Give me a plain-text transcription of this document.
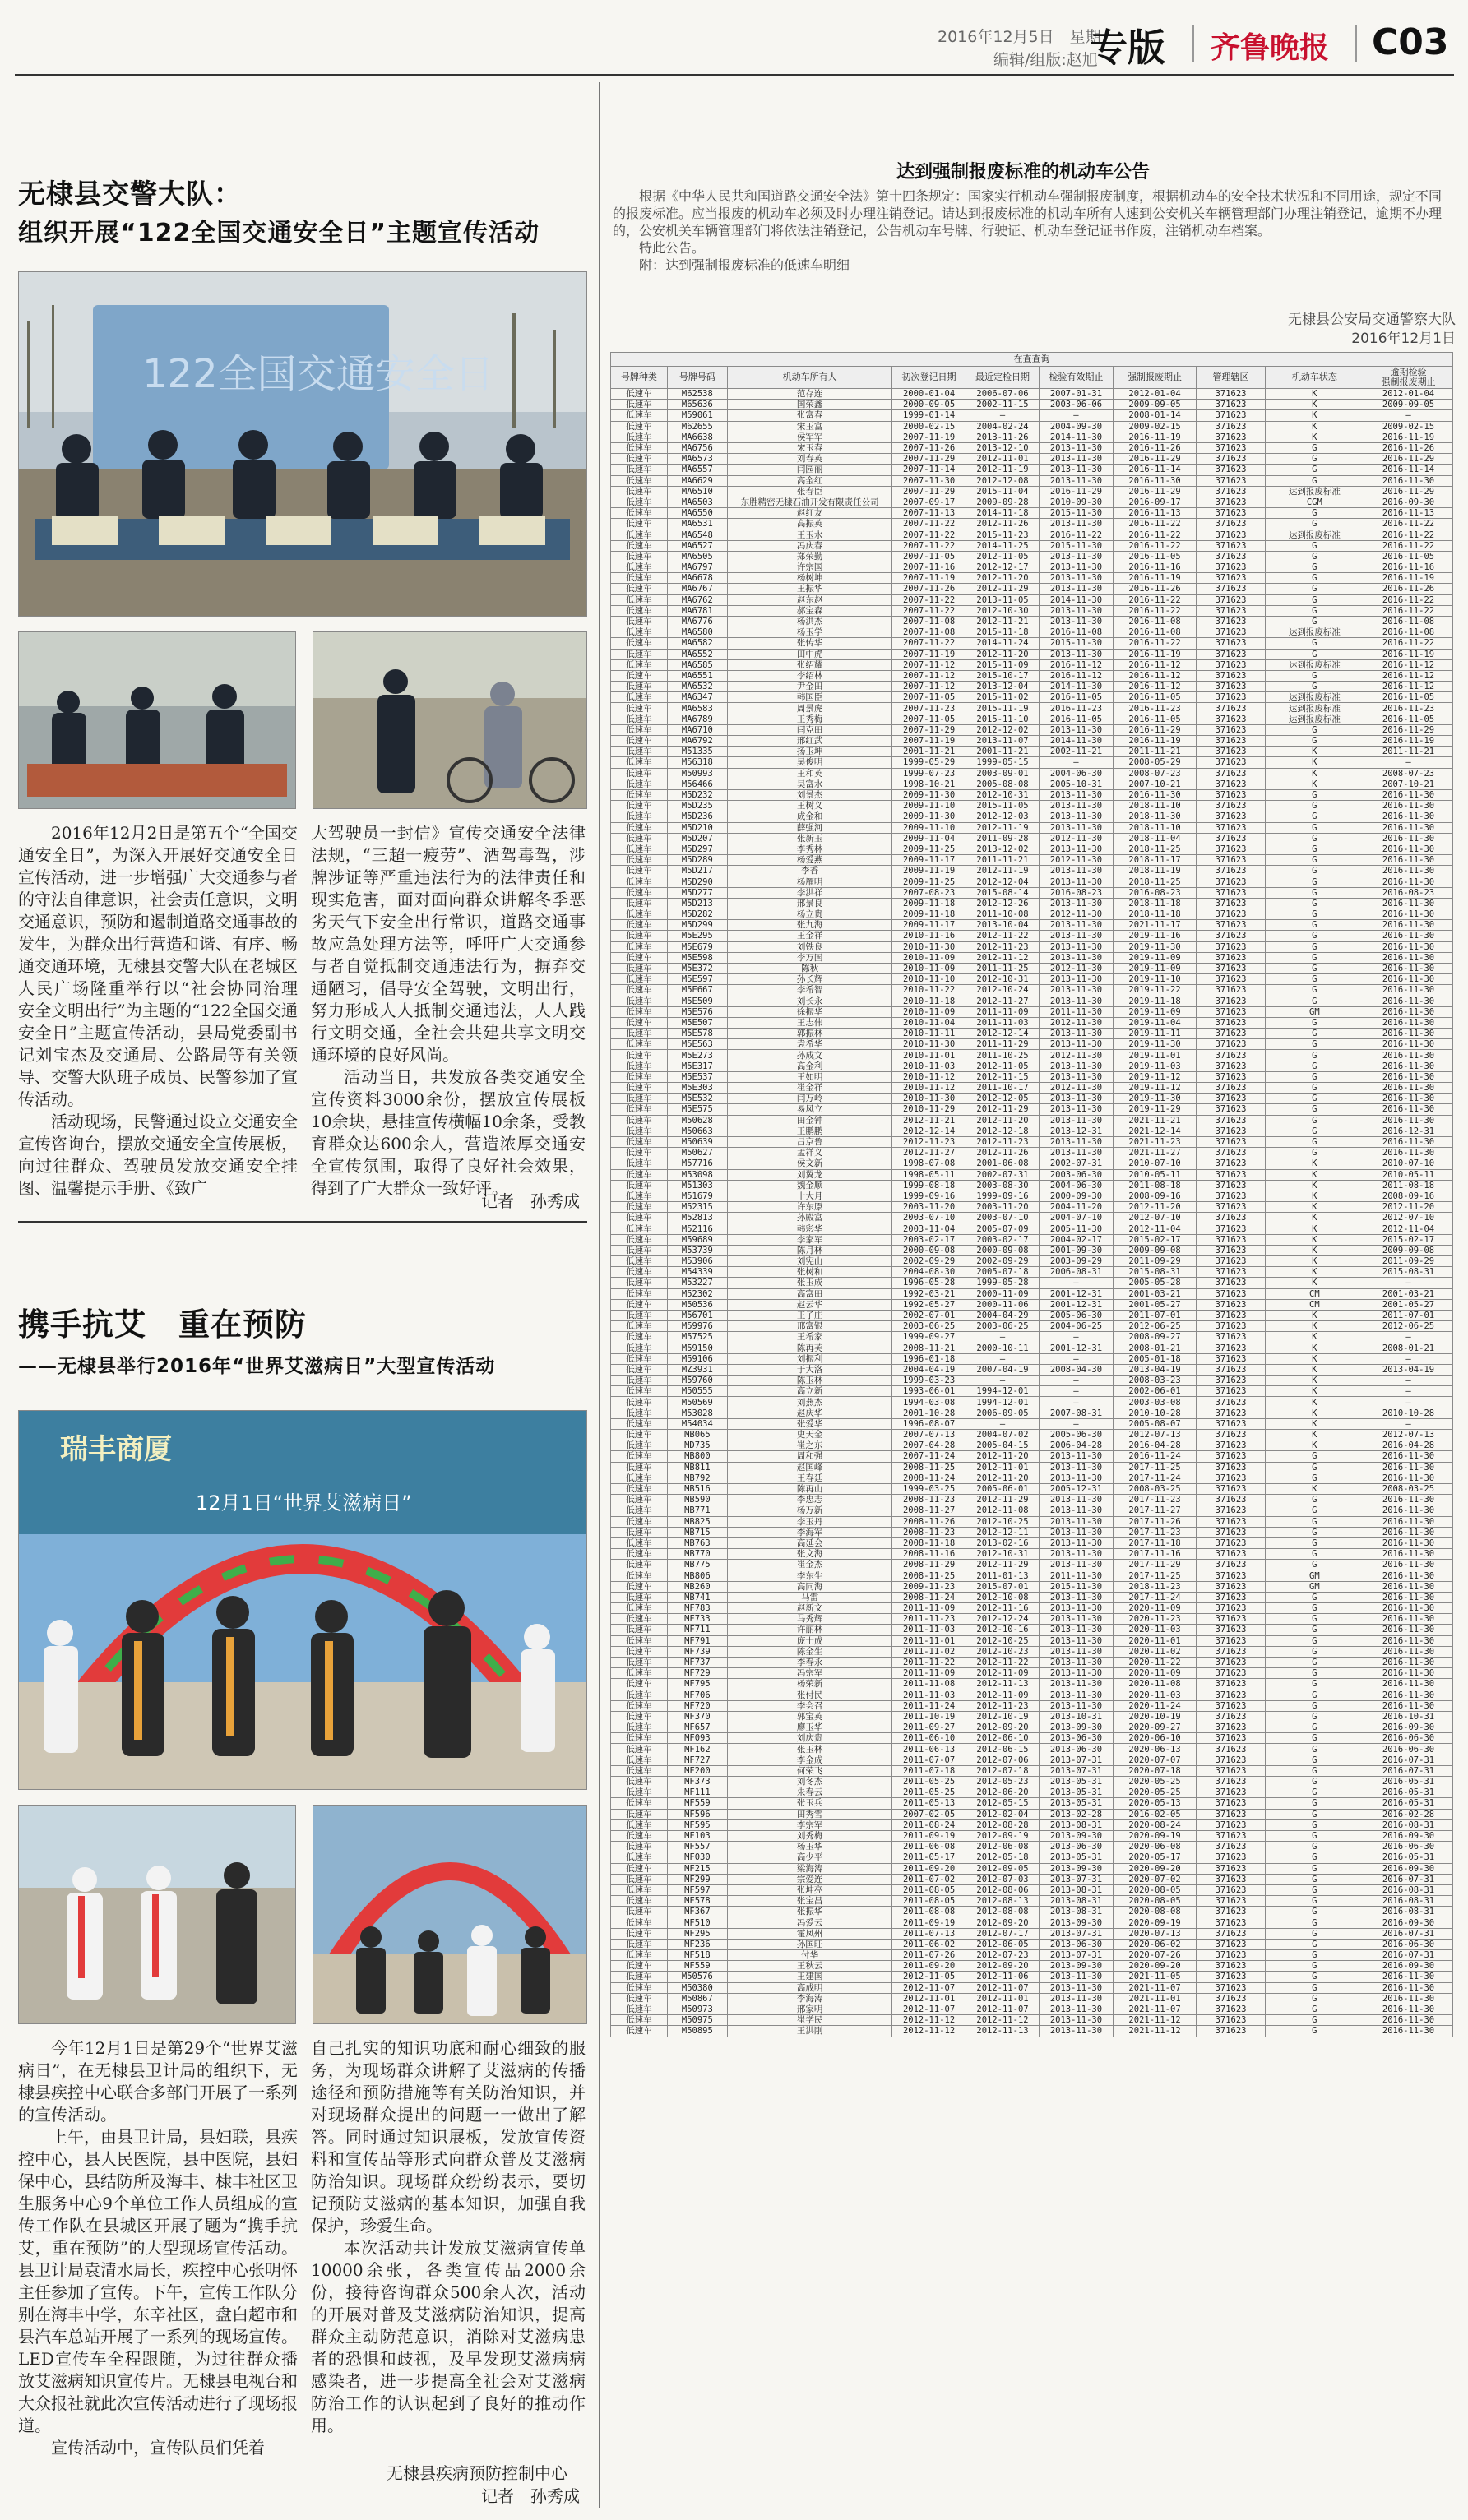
2016年12月5日　星期一
编辑/组版:赵旭
专版 齐鲁晚报 C03
无棣县交警大队：
组织开展“122全国交通安全日”主题宣传活动
122全国交通安全日

2016年12月2日是第五个“全国交通安全日”，为深入开展好交通安全日宣传活动，进一步增强广大交通参与者的守法自律意识，社会责任意识，文明交通意识，预防和遏制道路交通事故的发生，为群众出行营造和谐、有序、畅通交通环境，无棣县交警大队在老城区人民广场隆重举行以“社会协同治理　安全文明出行”为主题的“122全国交通安全日”主题宣传活动，县局党委副书记刘宝杰及交通局、公路局等有关领导、交警大队班子成员、民警参加了宣传活动。

活动现场，民警通过设立交通安全宣传咨询台，摆放交通安全宣传展板，向过往群众、驾驶员发放交通安全挂图、温馨提示手册、《致广

大驾驶员一封信》宣传交通安全法律法规，“三超一疲劳”、酒驾毒驾，涉牌涉证等严重违法行为的法律责任和现实危害，面对面向群众讲解冬季恶劣天气下安全出行常识，道路交通事故应急处理方法等，呼吁广大交通参与者自觉抵制交通违法行为，摒弃交通陋习，倡导安全驾驶，文明出行，努力形成人人抵制交通违法，人人践行文明交通，全社会共建共享文明交通环境的良好风尚。

活动当日，共发放各类交通安全宣传资料3000余份，摆放宣传展板10余块，悬挂宣传横幅10余条，受教育群众达600余人，营造浓厚交通安全宣传氛围，取得了良好社会效果，得到了广大群众一致好评。

记者　孙秀成
携手抗艾　重在预防
——无棣县举行2016年“世界艾滋病日”大型宣传活动
瑞丰商厦
12月1日“世界艾滋病日”

今年12月1日是第29个“世界艾滋病日”，在无棣县卫计局的组织下，无棣县疾控中心联合多部门开展了一系列的宣传活动。

上午，由县卫计局，县妇联，县疾控中心，县人民医院，县中医院，县妇保中心，县结防所及海丰、棣丰社区卫生服务中心9个单位工作人员组成的宣传工作队在县城区开展了题为“携手抗艾，重在预防”的大型现场宣传活动。县卫计局袁清水局长，疾控中心张明怀主任参加了宣传。下午，宣传工作队分别在海丰中学，东辛社区，盘白超市和县汽车总站开展了一系列的现场宣传。LED宣传车全程跟随，为过往群众播放艾滋病知识宣传片。无棣县电视台和大众报社就此次宣传活动进行了现场报道。

宣传活动中，宣传队员们凭着

自己扎实的知识功底和耐心细致的服务，为现场群众讲解了艾滋病的传播途径和预防措施等有关防治知识，并对现场群众提出的问题一一做出了解答。同时通过知识展板，发放宣传资料和宣传品等形式向群众普及艾滋病防治知识。现场群众纷纷表示，要切记预防艾滋病的基本知识，加强自我保护，珍爱生命。

本次活动共计发放艾滋病宣传单10000余张，各类宣传品2000余份，接待咨询群众500余人次，活动的开展对普及艾滋病防治知识，提高群众主动防范意识，消除对艾滋病患者的恐惧和歧视，及早发现艾滋病病感染者，进一步提高全社会对艾滋病防治工作的认识起到了良好的推动作用。

无棣县疾病预防控制中心
记者　孙秀成
达到强制报废标准的机动车公告

根据《中华人民共和国道路交通安全法》第十四条规定：国家实行机动车强制报废制度，根据机动车的安全技术状况和不同用途，规定不同的报废标准。应当报废的机动车必须及时办理注销登记。请达到报废标准的机动车所有人速到公安机关车辆管理部门办理注销登记，逾期不办理的，公安机关车辆管理部门将依法注销登记，公告机动车号牌、行驶证、机动车登记证书作废，注销机动车档案。

特此公告。

附：达到强制报废标准的低速车明细

无棣县公安局交通警察大队
2016年12月1日
在查查询									
号牌种类	号牌号码	机动车所有人	初次登记日期	最近定检日期	检验有效期止	强制报废期止	管理辖区	机动车状态	逾期检验
强制报废期止
低速车	M62538	范存连	2000-01-04	2006-07-06	2007-01-31	2012-01-04	371623	K	2012-01-04
低速车	M65636	国荣鑫	2000-09-05	2002-11-15	2003-06-06	2009-09-05	371623	K	2009-09-05
低速车	M59061	张富春	1999-01-14	—	—	2008-01-14	371623	K	—
低速车	M62655	宋玉富	2000-02-15	2004-02-24	2004-09-30	2009-02-15	371623	K	2009-02-15
低速车	MA6638	侯军军	2007-11-19	2013-11-26	2014-11-30	2016-11-19	371623	K	2016-11-19
低速车	MA6756	宋玉春	2007-11-26	2013-12-10	2013-11-30	2016-11-26	371623	G	2016-11-26
低速车	MA6573	刘春英	2007-11-29	2012-11-01	2013-11-30	2016-11-29	371623	G	2016-11-29
低速车	MA6557	闫园丽	2007-11-14	2012-11-19	2013-11-30	2016-11-14	371623	G	2016-11-14
低速车	MA6629	高金红	2007-11-30	2012-12-08	2013-11-30	2016-11-30	371623	G	2016-11-30
低速车	MA6510	张春臣	2007-11-29	2015-11-04	2016-11-29	2016-11-29	371623	达到报废标准	2016-11-29
低速车	MA6503	东胜精密无棣石油开发有限责任公司	2007-09-17	2009-09-28	2010-09-30	2016-09-17	371623	CGM	2016-09-30
低速车	MA6550	赵红友	2007-11-13	2014-11-18	2015-11-30	2016-11-13	371623	G	2016-11-13
低速车	MA6531	高振英	2007-11-22	2012-11-26	2013-11-30	2016-11-22	371623	G	2016-11-22
低速车	MA6548	王玉水	2007-11-22	2015-11-23	2016-11-22	2016-11-22	371623	达到报废标准	2016-11-22
低速车	MA6527	冯庆春	2007-11-22	2014-11-25	2015-11-30	2016-11-22	371623	G	2016-11-22
低速车	MA6505	郑荣勤	2007-11-05	2012-11-05	2013-11-30	2016-11-05	371623	G	2016-11-05
低速车	MA6797	许宗国	2007-11-16	2012-12-17	2013-11-30	2016-11-16	371623	G	2016-11-16
低速车	MA6678	杨树坤	2007-11-19	2012-11-20	2013-11-30	2016-11-19	371623	G	2016-11-19
低速车	MA6767	王振华	2007-11-26	2012-11-29	2013-11-30	2016-11-26	371623	G	2016-11-26
低速车	MA6762	赵东赵	2007-11-22	2013-11-05	2014-11-30	2016-11-22	371623	G	2016-11-22
低速车	MA6781	郝宝森	2007-11-22	2012-10-30	2013-11-30	2016-11-22	371623	G	2016-11-22
低速车	MA6776	杨洪杰	2007-11-08	2012-11-21	2013-11-30	2016-11-08	371623	G	2016-11-08
低速车	MA6580	杨玉学	2007-11-08	2015-11-18	2016-11-08	2016-11-08	371623	达到报废标准	2016-11-08
低速车	MA6582	张传华	2007-11-22	2014-11-24	2015-11-30	2016-11-22	371623	G	2016-11-22
低速车	MA6552	田中虎	2007-11-19	2012-11-20	2013-11-30	2016-11-19	371623	G	2016-11-19
低速车	MA6585	张绍耀	2007-11-12	2015-11-09	2016-11-12	2016-11-12	371623	达到报废标准	2016-11-12
低速车	MA6551	李绍林	2007-11-12	2015-10-17	2016-11-12	2016-11-12	371623	G	2016-11-12
低速车	MA6532	尹金田	2007-11-12	2013-12-04	2014-11-30	2016-11-12	371623	G	2016-11-12
低速车	MA6347	韩国臣	2007-11-05	2015-11-02	2016-11-05	2016-11-05	371623	达到报废标准	2016-11-05
低速车	MA6583	周景虎	2007-11-23	2015-11-19	2016-11-23	2016-11-23	371623	达到报废标准	2016-11-23
低速车	MA6789	王秀梅	2007-11-05	2015-11-10	2016-11-05	2016-11-05	371623	达到报废标准	2016-11-05
低速车	MA6710	闫克田	2007-11-29	2012-12-02	2013-11-30	2016-11-29	371623	G	2016-11-29
低速车	MA6792	邢红武	2007-11-19	2013-11-07	2014-11-30	2016-11-19	371623	G	2016-11-19
低速车	M51335	扬玉坤	2001-11-21	2001-11-21	2002-11-21	2011-11-21	371623	K	2011-11-21
低速车	M56318	吴俊明	1999-05-29	1999-05-15	—	2008-05-29	371623	K	—
低速车	M50993	王和英	1999-07-23	2003-09-01	2004-06-30	2008-07-23	371623	K	2008-07-23
低速车	M56466	吴富水	1998-10-21	2005-08-08	2005-10-31	2007-10-21	371623	K	2007-10-21
低速车	M5D232	刘景杰	2009-11-30	2012-10-31	2013-11-30	2016-11-30	371623	G	2016-11-30
低速车	M5D235	王树义	2009-11-10	2015-11-05	2013-11-30	2018-11-10	371623	G	2016-11-30
低速车	M5D236	成金和	2009-11-30	2012-12-03	2013-11-30	2018-11-30	371623	G	2016-11-30
低速车	M5D210	薛强河	2009-11-10	2012-11-19	2013-11-30	2018-11-10	371623	G	2016-11-30
低速车	M5D207	张新玉	2009-11-04	2011-09-28	2012-11-30	2018-11-04	371623	G	2016-11-30
低速车	M5D297	李秀林	2009-11-25	2013-12-02	2013-11-30	2018-11-25	371623	G	2016-11-30
低速车	M5D289	杨爱燕	2009-11-17	2011-11-21	2012-11-30	2018-11-17	371623	G	2016-11-30
低速车	M5D217	李香	2009-11-19	2012-11-19	2013-11-30	2018-11-19	371623	G	2016-11-30
低速车	M5D290	杨雁明	2009-11-25	2012-12-04	2013-11-30	2018-11-25	371623	G	2016-11-30
低速车	M5D277	李洪祥	2007-08-23	2015-08-14	2016-08-23	2016-08-23	371623	G	2016-08-23
低速车	M5D213	邢景良	2009-11-18	2012-12-26	2013-11-30	2018-11-18	371623	G	2016-11-30
低速车	M5D282	杨立贵	2009-11-18	2011-10-08	2012-11-30	2018-11-18	371623	G	2016-11-30
低速车	M5D299	张九海	2009-11-17	2013-10-04	2013-11-30	2021-11-17	371623	G	2016-11-30
低速车	M5E295	王金祥	2010-11-16	2012-11-22	2013-11-30	2019-11-16	371623	G	2016-11-30
低速车	M5E679	刘铁良	2010-11-30	2012-11-23	2013-11-30	2019-11-30	371623	G	2016-11-30
低速车	M5E598	李万国	2010-11-09	2012-11-12	2013-11-30	2019-11-09	371623	G	2016-11-30
低速车	M5E372	陈秋	2010-11-09	2011-11-25	2012-11-30	2019-11-09	371623	G	2016-11-30
低速车	M5E597	孙长辉	2010-11-10	2012-10-31	2013-11-30	2019-11-10	371623	G	2016-11-30
低速车	M5E667	李希智	2010-11-22	2012-10-24	2013-11-30	2019-11-22	371623	G	2016-11-30
低速车	M5E509	刘长永	2010-11-18	2012-11-27	2013-11-30	2019-11-18	371623	G	2016-11-30
低速车	M5E576	徐振华	2010-11-09	2011-11-09	2011-11-30	2019-11-09	371623	GM	2016-11-30
低速车	M5E507	王志伟	2010-11-04	2011-11-03	2012-11-30	2019-11-04	371623	G	2016-11-30
低速车	M5E578	郭振林	2010-11-11	2012-12-14	2013-11-30	2019-11-11	371623	G	2016-11-30
低速车	M5E563	袁希华	2010-11-30	2011-11-29	2013-11-30	2019-11-30	371623	G	2016-11-30
低速车	M5E273	孙成文	2010-11-01	2011-10-25	2012-11-30	2019-11-01	371623	G	2016-11-30
低速车	M5E317	高金利	2010-11-03	2012-11-05	2013-11-30	2019-11-03	371623	G	2016-11-30
低速车	M5E537	王如明	2010-11-12	2012-11-15	2013-11-30	2019-11-12	371623	G	2016-11-30
低速车	M5E303	崔金祥	2010-11-12	2011-10-17	2012-11-30	2019-11-12	371623	G	2016-11-30
低速车	M5E532	闫万岭	2010-11-30	2012-12-05	2013-11-30	2019-11-30	371623	G	2016-11-30
低速车	M5E575	易凤立	2010-11-29	2012-11-29	2013-11-30	2019-11-29	371623	G	2016-11-30
低速车	M50628	田金钟	2012-11-21	2012-11-20	2013-11-30	2021-11-21	371623	G	2016-11-30
低速车	M50663	王鹏鹏	2012-12-14	2012-12-18	2013-12-31	2021-12-14	371623	G	2016-12-31
低速车	M50639	吕京鲁	2012-11-23	2012-11-23	2013-11-30	2021-11-23	371623	G	2016-11-30
低速车	M50627	孟祥义	2012-11-27	2012-11-26	2013-11-30	2021-11-27	371623	G	2016-11-30
低速车	M57716	侯文新	1998-07-08	2001-06-08	2002-07-31	2010-07-10	371623	K	2010-07-10
低速车	M53098	刘翼龙	1998-05-11	2002-07-31	2003-06-30	2010-05-11	371623	K	2010-05-11
低速车	M51303	魏金顺	1999-08-18	2003-08-30	2004-06-30	2011-08-18	371623	K	2011-08-18
低速车	M51679	十大月	1999-09-16	1999-09-16	2000-09-30	2008-09-16	371623	K	2008-09-16
低速车	M52315	许东原	2003-11-20	2003-11-20	2004-11-20	2012-11-20	371623	K	2012-11-20
低速车	M52813	孙殿富	2003-07-10	2003-07-10	2004-07-10	2012-07-10	371623	K	2012-07-10
低速车	M52116	韩彩华	2003-11-04	2005-07-09	2005-11-30	2012-11-04	371623	K	2012-11-04
低速车	M59689	李家军	2003-02-17	2003-02-17	2004-02-17	2015-02-17	371623	K	2015-02-17
低速车	M53739	陈月林	2000-09-08	2000-09-08	2001-09-30	2009-09-08	371623	K	2009-09-08
低速车	M53906	刘宪山	2002-09-29	2002-09-29	2003-09-29	2011-09-29	371623	K	2011-09-29
低速车	M54339	张树和	2004-08-30	2005-07-18	2006-08-31	2015-08-31	371623	K	2015-08-31
低速车	M53227	张玉成	1996-05-28	1999-05-28	—	2005-05-28	371623	K	—
低速车	M52302	高富田	1992-03-21	2000-11-09	2001-12-31	2001-03-21	371623	CM	2001-03-21
低速车	M50536	赵云华	1992-05-27	2000-11-06	2001-12-31	2001-05-27	371623	CM	2001-05-27
低速车	M56701	王子庄	2002-07-01	2004-04-29	2005-06-30	2011-07-01	371623	K	2011-07-01
低速车	M59976	邢富银	2003-06-25	2003-06-25	2004-06-25	2012-06-25	371623	K	2012-06-25
低速车	M57525	王希家	1999-09-27	—	—	2008-09-27	371623	K	—
低速车	M59150	陈再芙	2008-11-21	2000-10-11	2001-12-31	2008-01-21	371623	K	2008-01-21
低速车	M59106	刘振利	1996-01-18	—	—	2005-01-18	371623	K	—
低速车	MZ3931	于大洛	2004-04-19	2007-04-19	2008-04-30	2013-04-19	371623	K	2013-04-19
低速车	M59760	陈玉林	1999-03-23	—	—	2008-03-23	371623	K	—
低速车	M50555	高立新	1993-06-01	1994-12-01	—	2002-06-01	371623	K	—
低速车	M50569	刘燕杰	1994-03-08	1994-12-01	—	2003-03-08	371623	K	—
低速车	M53028	赵庆华	2001-10-28	2006-09-05	2007-08-31	2010-10-28	371623	K	2010-10-28
低速车	M54034	张爱华	1996-08-07	—	—	2005-08-07	371623	K	—
低速车	MB065	史天金	2007-07-13	2004-07-02	2005-06-30	2012-07-13	371623	K	2012-07-13
低速车	MD735	崔之东	2007-04-28	2005-04-15	2006-04-28	2016-04-28	371623	K	2016-04-28
低速车	MB800	周和强	2007-11-24	2012-11-20	2013-11-30	2016-11-24	371623	G	2016-11-30
低速车	MB811	赵国峰	2008-11-25	2012-11-01	2013-11-30	2017-11-25	371623	G	2016-11-30
低速车	MB792	王春廷	2008-11-24	2012-11-20	2013-11-30	2017-11-24	371623	G	2016-11-30
低速车	MB516	陈再山	1999-03-25	2005-06-01	2005-12-31	2008-03-25	371623	K	2008-03-25
低速车	MB590	李忠志	2008-11-23	2012-11-29	2013-11-30	2017-11-23	371623	G	2016-11-30
低速车	MB771	杨万新	2008-11-27	2012-11-08	2013-11-30	2017-11-27	371623	G	2016-11-30
低速车	MB825	李玉丹	2008-11-26	2012-10-25	2013-11-30	2017-11-26	371623	G	2016-11-30
低速车	MB715	李海军	2008-11-23	2012-12-11	2013-11-30	2017-11-23	371623	G	2016-11-30
低速车	MB763	高延会	2008-11-18	2013-02-16	2013-11-30	2017-11-18	371623	G	2016-11-30
低速车	MB770	张文海	2008-11-16	2012-10-31	2013-11-30	2017-11-16	371623	G	2016-11-30
低速车	MB775	崔金杰	2008-11-29	2012-11-29	2013-11-30	2017-11-29	371623	G	2016-11-30
低速车	MB806	李东生	2008-11-25	2011-01-13	2011-11-30	2017-11-25	371623	GM	2016-11-30
低速车	MB260	高同海	2009-11-23	2015-07-01	2015-11-30	2018-11-23	371623	GM	2016-11-30
低速车	MB741	马雷	2008-11-24	2012-10-08	2013-11-30	2017-11-24	371623	G	2016-11-30
低速车	MF783	赵新文	2011-11-09	2012-11-16	2013-11-30	2020-11-09	371623	G	2016-11-30
低速车	MF733	马秀辉	2011-11-23	2012-12-24	2013-11-30	2020-11-23	371623	G	2016-11-30
低速车	MF711	许丽林	2011-11-03	2012-10-16	2013-11-30	2020-11-03	371623	G	2016-11-30
低速车	MF791	庞士成	2011-11-01	2012-10-25	2013-11-30	2020-11-01	371623	G	2016-11-30
低速车	MF739	陈金生	2011-11-02	2012-10-23	2013-11-30	2020-11-02	371623	G	2016-11-30
低速车	MF737	李春永	2011-11-22	2012-11-22	2013-11-30	2020-11-22	371623	G	2016-11-30
低速车	MF729	冯宗军	2011-11-09	2012-11-09	2013-11-30	2020-11-09	371623	G	2016-11-30
低速车	MF795	杨荣新	2011-11-08	2012-11-13	2013-11-30	2020-11-08	371623	G	2016-11-30
低速车	MF706	张付民	2011-11-03	2012-11-09	2013-11-30	2020-11-03	371623	G	2016-11-30
低速车	MF720	李会召	2011-11-24	2012-11-23	2013-11-30	2020-11-24	371623	G	2016-11-30
低速车	MF370	郭宝英	2011-10-19	2012-10-19	2013-10-31	2020-10-19	371623	G	2016-10-31
低速车	MF657	廖玉华	2011-09-27	2012-09-20	2013-09-30	2020-09-27	371623	G	2016-09-30
低速车	MF093	刘庆贵	2011-06-10	2012-06-10	2013-06-30	2020-06-10	371623	G	2016-06-30
低速车	MF162	张玉林	2011-06-13	2012-06-15	2013-06-30	2020-06-13	371623	G	2016-06-30
低速车	MF727	李金成	2011-07-07	2012-07-06	2013-07-31	2020-07-07	371623	G	2016-07-31
低速车	MF200	何荣飞	2011-07-18	2012-07-18	2013-07-31	2020-07-18	371623	G	2016-07-31
低速车	MF373	刘冬杰	2011-05-25	2012-05-23	2013-05-31	2020-05-25	371623	G	2016-05-31
低速车	MF111	朱春云	2011-05-25	2012-06-20	2013-05-31	2020-05-25	371623	G	2016-05-31
低速车	MF559	张玉兵	2011-05-13	2012-05-15	2013-05-31	2020-05-13	371623	G	2016-05-31
低速车	MF596	田秀雪	2007-02-05	2012-02-04	2013-02-28	2016-02-05	371623	G	2016-02-28
低速车	MF595	李宗军	2011-08-24	2012-08-28	2013-08-31	2020-08-24	371623	G	2016-08-31
低速车	MF103	刘秀梅	2011-09-19	2012-09-19	2013-09-30	2020-09-19	371623	G	2016-09-30
低速车	MF557	杨玉华	2011-06-08	2012-06-08	2013-06-30	2020-06-08	371623	G	2016-06-30
低速车	MF030	高少平	2011-05-17	2012-05-18	2013-05-31	2020-05-17	371623	G	2016-05-31
低速车	MF215	梁海涛	2011-09-20	2012-09-05	2013-09-30	2020-09-20	371623	G	2016-09-30
低速车	MF299	宗爱连	2011-07-02	2012-07-03	2013-07-31	2020-07-02	371623	G	2016-07-31
低速车	MF597	张坤亮	2011-08-05	2012-08-06	2013-08-31	2020-08-05	371623	G	2016-08-31
低速车	MF578	张宝昌	2011-08-05	2012-08-13	2013-08-31	2020-08-05	371623	G	2016-08-31
低速车	MF367	张振华	2011-08-08	2012-08-08	2013-08-31	2020-08-08	371623	G	2016-08-31
低速车	MF510	冯爱云	2011-09-19	2012-09-20	2013-09-30	2020-09-19	371623	G	2016-09-30
低速车	MF295	霍凤州	2011-07-13	2012-07-17	2013-07-31	2020-07-13	371623	G	2016-07-31
低速车	MF236	孙国旺	2011-06-02	2012-06-05	2013-06-30	2020-06-02	371623	G	2016-06-30
低速车	MF518	付华	2011-07-26	2012-07-23	2013-07-31	2020-07-26	371623	G	2016-07-31
低速车	MF559	王秋云	2011-09-20	2012-09-20	2013-09-30	2020-09-20	371623	G	2016-09-30
低速车	M50576	王建国	2012-11-05	2012-11-06	2013-11-30	2021-11-05	371623	G	2016-11-30
低速车	M50380	高成明	2012-11-07	2012-11-07	2013-11-30	2021-11-07	371623	G	2016-11-30
低速车	M50867	李海涛	2012-11-01	2012-11-01	2013-11-30	2021-11-01	371623	G	2016-11-30
低速车	M50973	邢家明	2012-11-07	2012-11-07	2013-11-30	2021-11-07	371623	G	2016-11-30
低速车	M50975	崔学民	2012-11-12	2012-11-12	2013-11-30	2021-11-12	371623	G	2016-11-30
低速车	M50895	王洪刚	2012-11-12	2012-11-13	2013-11-30	2021-11-12	371623	G	2016-11-30
